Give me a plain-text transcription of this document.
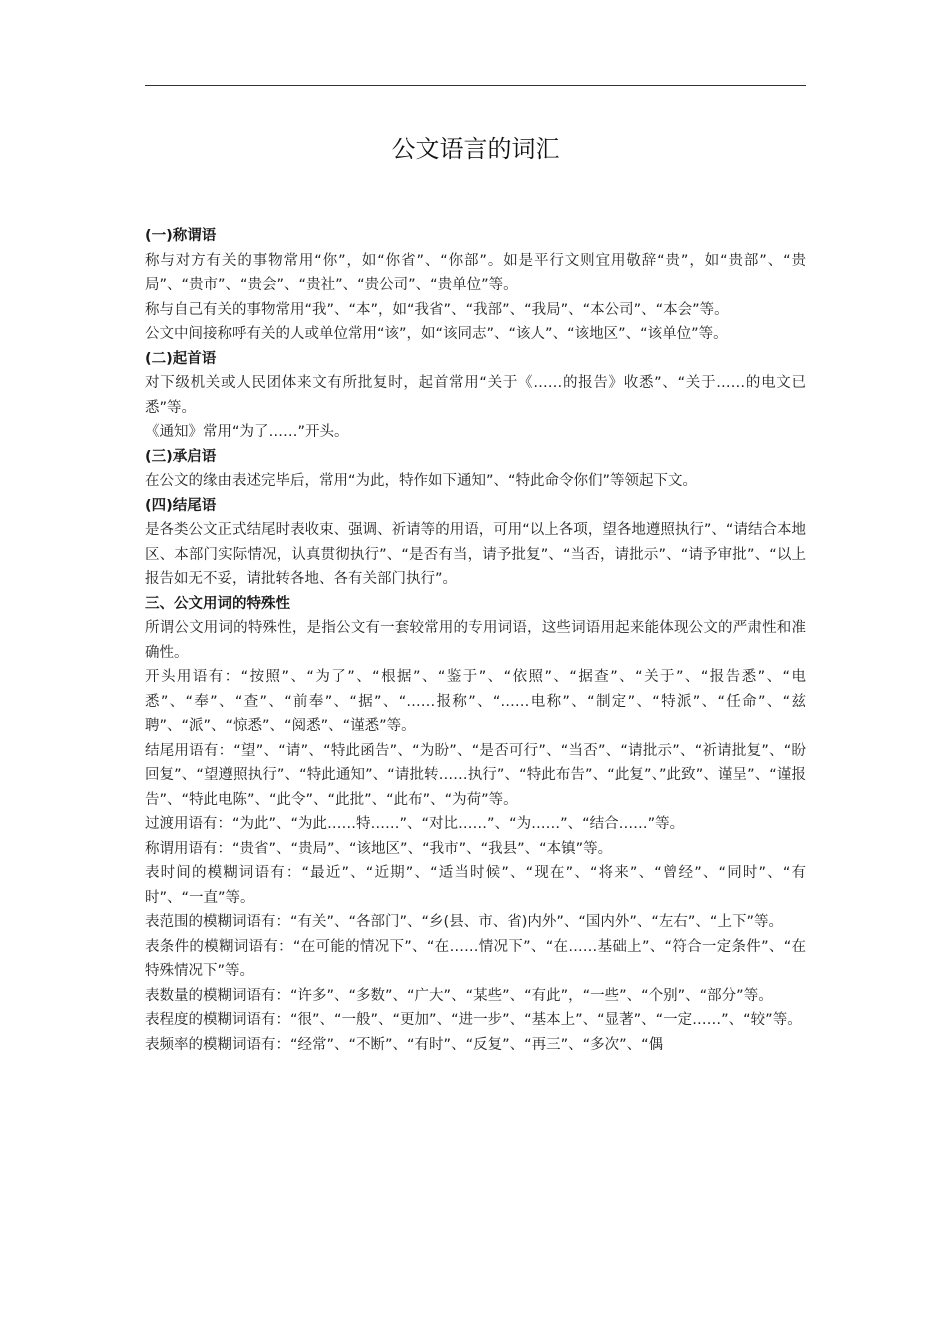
公文语言的词汇
(一)称谓语

称与对方有关的事物常用“你”，如“你省”、“你部”。如是平行文则宜用敬辞“贵”，如“贵部”、“贵局”、“贵市”、“贵会”、“贵社”、“贵公司”、“贵单位”等。

称与自己有关的事物常用“我”、“本”，如“我省”、“我部”、“我局”、“本公司”、“本会”等。

公文中间接称呼有关的人或单位常用“该”，如“该同志”、“该人”、“该地区”、“该单位”等。

(二)起首语

对下级机关或人民团体来文有所批复时，起首常用“关于《……的报告》收悉”、“关于……的电文已悉”等。

《通知》常用“为了……”开头。

(三)承启语

在公文的缘由表述完毕后，常用“为此，特作如下通知”、“特此命令你们”等领起下文。

(四)结尾语

是各类公文正式结尾时表收束、强调、祈请等的用语，可用“以上各项，望各地遵照执行”、“请结合本地区、本部门实际情况，认真贯彻执行”、“是否有当，请予批复”、“当否，请批示”、“请予审批”、“以上报告如无不妥，请批转各地、各有关部门执行”。

三、公文用词的特殊性

所谓公文用词的特殊性，是指公文有一套较常用的专用词语，这些词语用起来能体现公文的严肃性和准确性。

开头用语有：“按照”、“为了”、“根据”、“鉴于”、“依照”、“据查”、“关于”、“报告悉”、“电悉”、“奉”、“查”、“前奉”、“据”、“……报称”、“……电称”、“制定”、“特派”、“任命”、“兹聘”、“派”、“惊悉”、“阅悉”、“谨悉”等。

结尾用语有：“望”、“请”、“特此函告”、“为盼”、“是否可行”、“当否”、“请批示”、“祈请批复”、“盼回复”、“望遵照执行”、“特此通知”、“请批转……执行”、“特此布告”、“此复”、”此致”、谨呈”、“谨报告”、“特此电陈”、“此令”、“此批”、“此布”、“为荷”等。

过渡用语有：“为此”、“为此……特……”、“对比……”、“为……”、“结合……”等。

称谓用语有：“贵省”、“贵局”、“该地区”、“我市”、“我县”、“本镇”等。

表时间的模糊词语有：“最近”、“近期”、“适当时候”、“现在”、“将来”、“曾经”、“同时”、“有时”、“一直”等。

表范围的模糊词语有：“有关”、“各部门”、“乡(县、市、省)内外”、“国内外”、“左右”、“上下”等。

表条件的模糊词语有：“在可能的情况下”、“在……情况下”、“在……基础上”、“符合一定条件”、“在特殊情况下”等。

表数量的模糊词语有：“许多”、“多数”、“广大”、“某些”、“有此”，“一些”、“个别”、“部分”等。

表程度的模糊词语有：“很”、“一般”、“更加”、“进一步”、“基本上”、“显著”、“一定……”、“较”等。

表频率的模糊词语有：“经常”、“不断”、“有时”、“反复”、“再三”、“多次”、“偶
